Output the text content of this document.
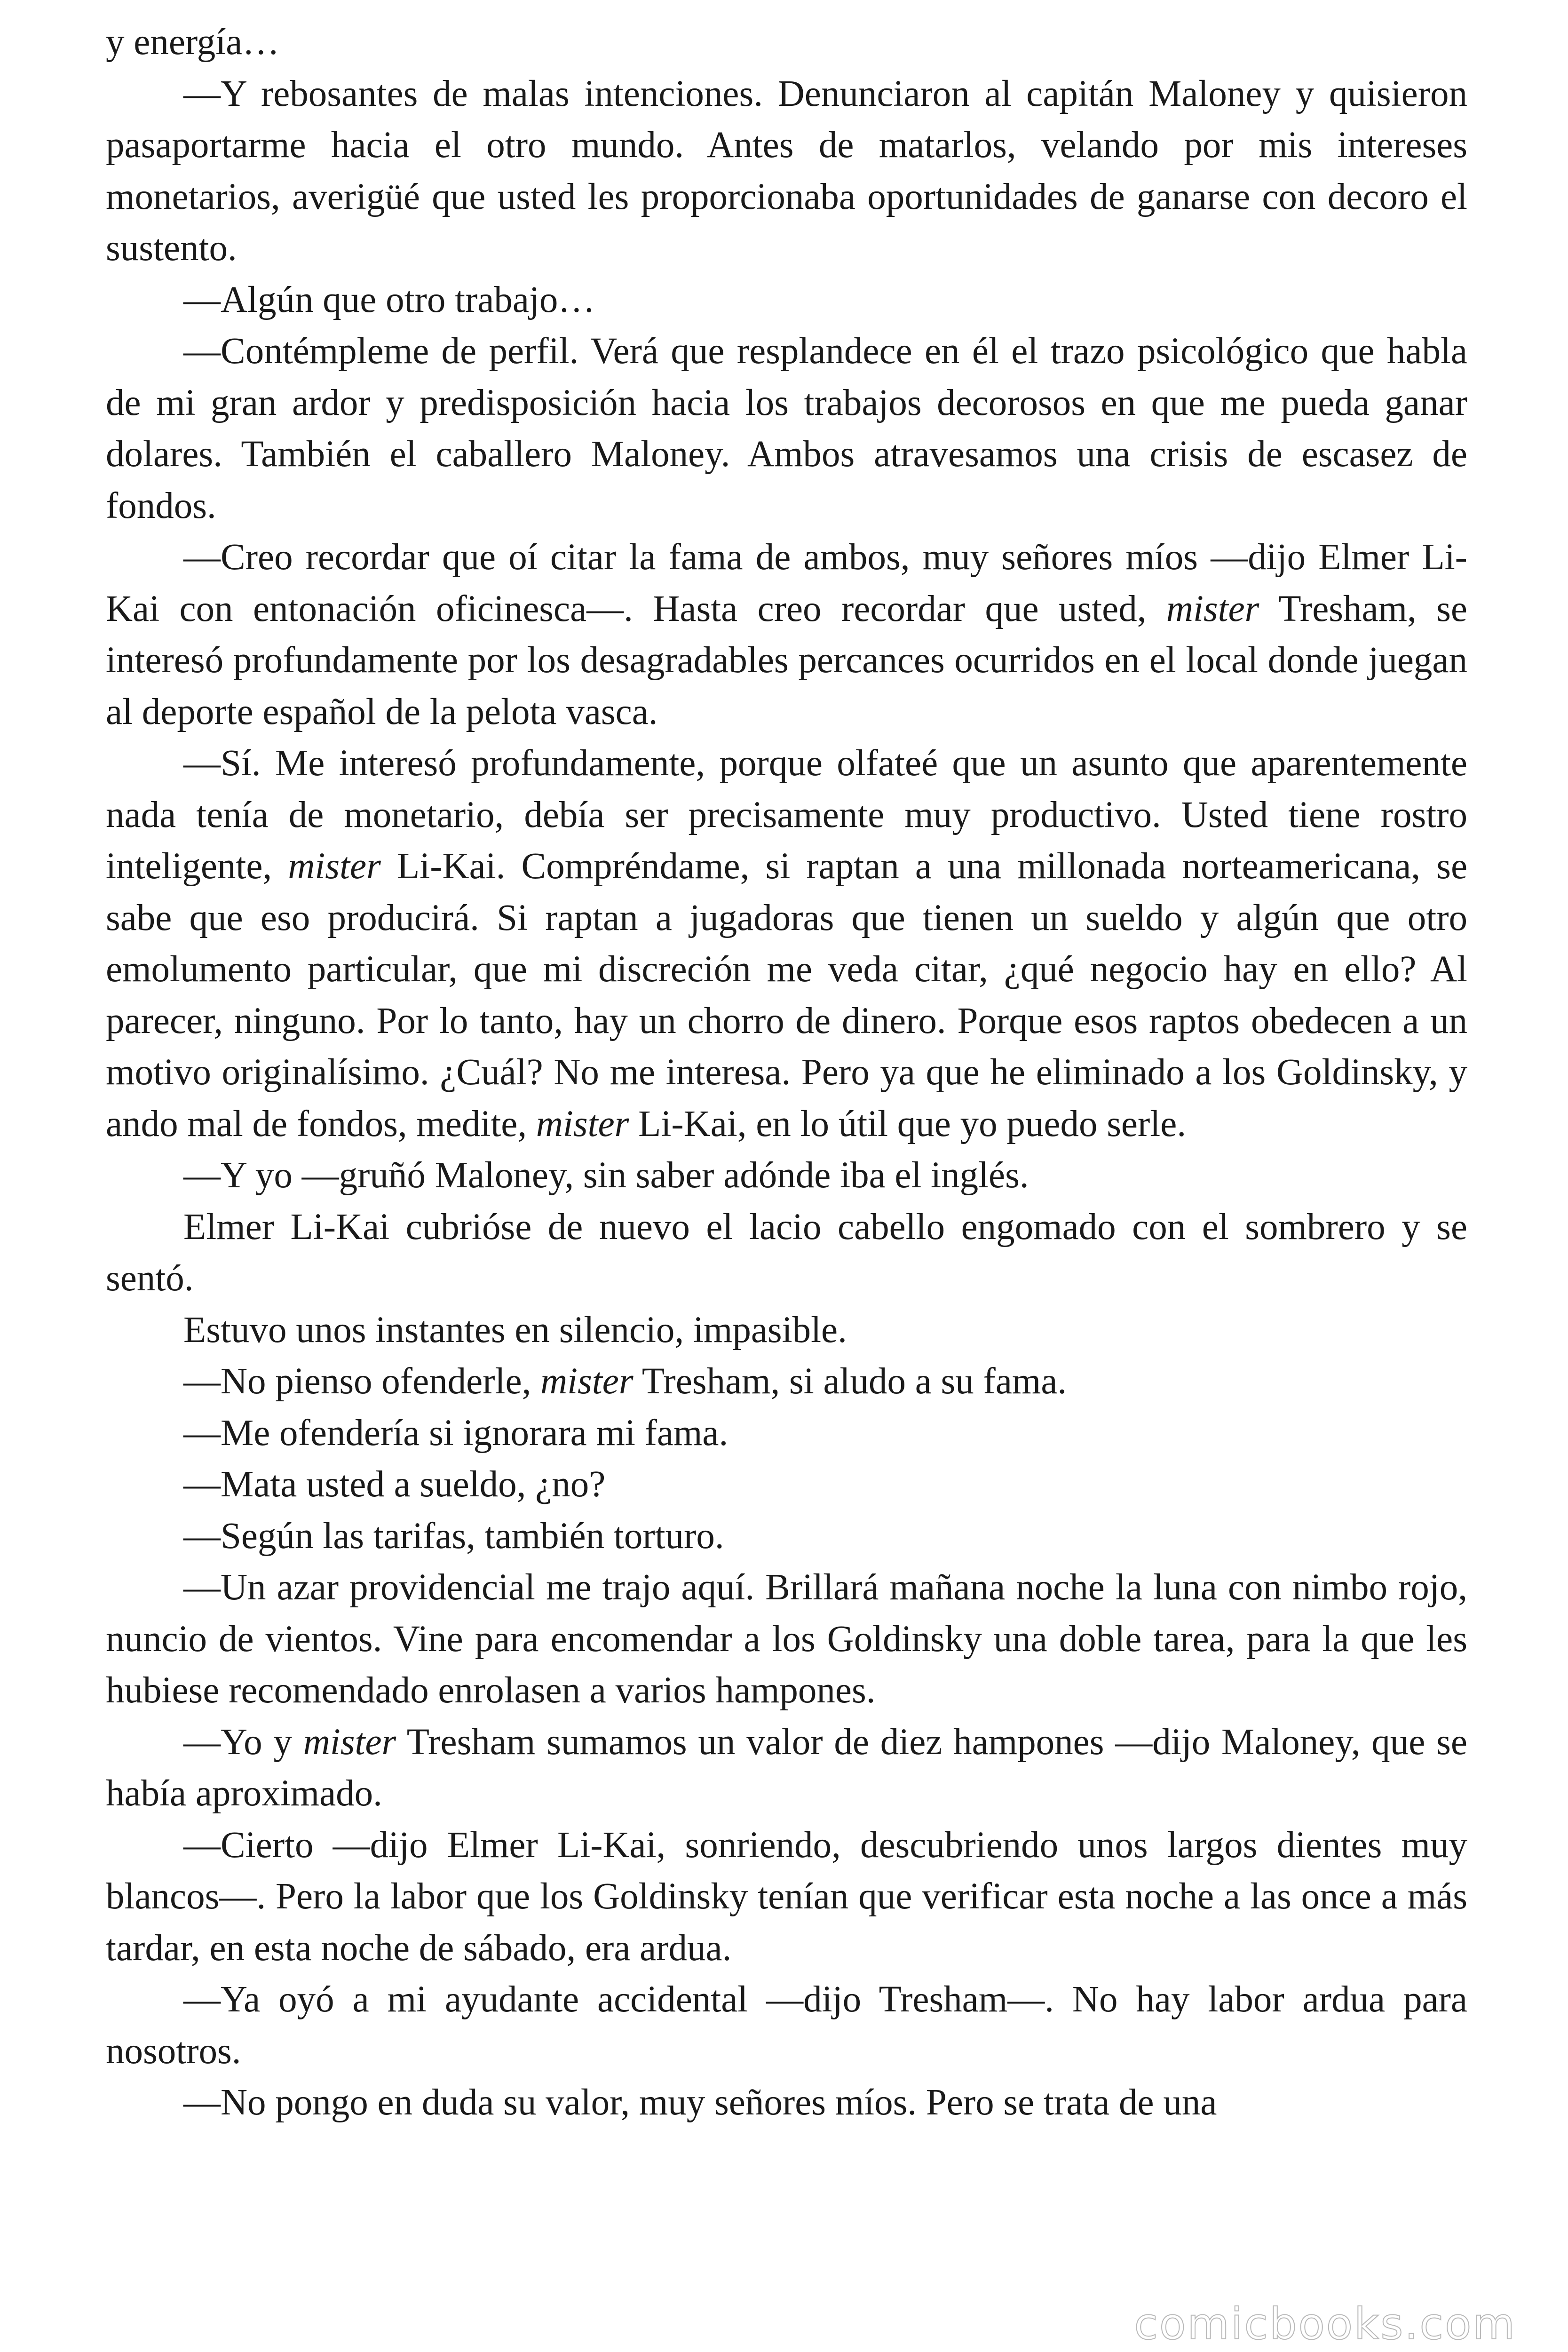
y energía…

—Y rebosantes de malas intenciones. Denunciaron al capitán Maloney y quisieron pasaportarme hacia el otro mundo. Antes de matarlos, velando por mis intereses monetarios, averigüé que usted les proporcionaba oportunidades de ganarse con decoro el sustento.

—Algún que otro trabajo…

—Contémpleme de perfil. Verá que resplandece en él el trazo psicológico que habla de mi gran ardor y predisposición hacia los trabajos decorosos en que me pueda ganar dolares. También el caballero Maloney. Ambos atravesamos una crisis de escasez de fondos.

—Creo recordar que oí citar la fama de ambos, muy señores míos —dijo Elmer Li-Kai con entonación oficinesca—. Hasta creo recordar que usted, mister Tresham, se interesó profundamente por los desagradables percances ocurridos en el local donde juegan al deporte español de la pelota vasca.

—Sí. Me interesó profundamente, porque olfateé que un asunto que aparentemente nada tenía de monetario, debía ser precisamente muy productivo. Usted tiene rostro inteligente, mister Li-Kai. Compréndame, si raptan a una millonada norteamericana, se sabe que eso producirá. Si raptan a jugadoras que tienen un sueldo y algún que otro emolumento particular, que mi discreción me veda citar, ¿qué negocio hay en ello? Al parecer, ninguno. Por lo tanto, hay un chorro de dinero. Porque esos raptos obedecen a un motivo originalísimo. ¿Cuál? No me interesa. Pero ya que he eliminado a los Goldinsky, y ando mal de fondos, medite, mister Li-Kai, en lo útil que yo puedo serle.

—Y yo —gruñó Maloney, sin saber adónde iba el inglés.

Elmer Li-Kai cubrióse de nuevo el lacio cabello engomado con el sombrero y se sentó.

Estuvo unos instantes en silencio, impasible.

—No pienso ofenderle, mister Tresham, si aludo a su fama.

—Me ofendería si ignorara mi fama.

—Mata usted a sueldo, ¿no?

—Según las tarifas, también torturo.

—Un azar providencial me trajo aquí. Brillará mañana noche la luna con nimbo rojo, nuncio de vientos. Vine para encomendar a los Goldinsky una doble tarea, para la que les hubiese recomendado enrolasen a varios hampones.

—Yo y mister Tresham sumamos un valor de diez hampones —dijo Maloney, que se había aproximado.

—Cierto —dijo Elmer Li-Kai, sonriendo, descubriendo unos largos dientes muy blancos—. Pero la labor que los Goldinsky tenían que verificar esta noche a las once a más tardar, en esta noche de sábado, era ardua.

—Ya oyó a mi ayudante accidental —dijo Tresham—. No hay labor ardua para nosotros.

—No pongo en duda su valor, muy señores míos. Pero se trata de una

comicbooks.com
